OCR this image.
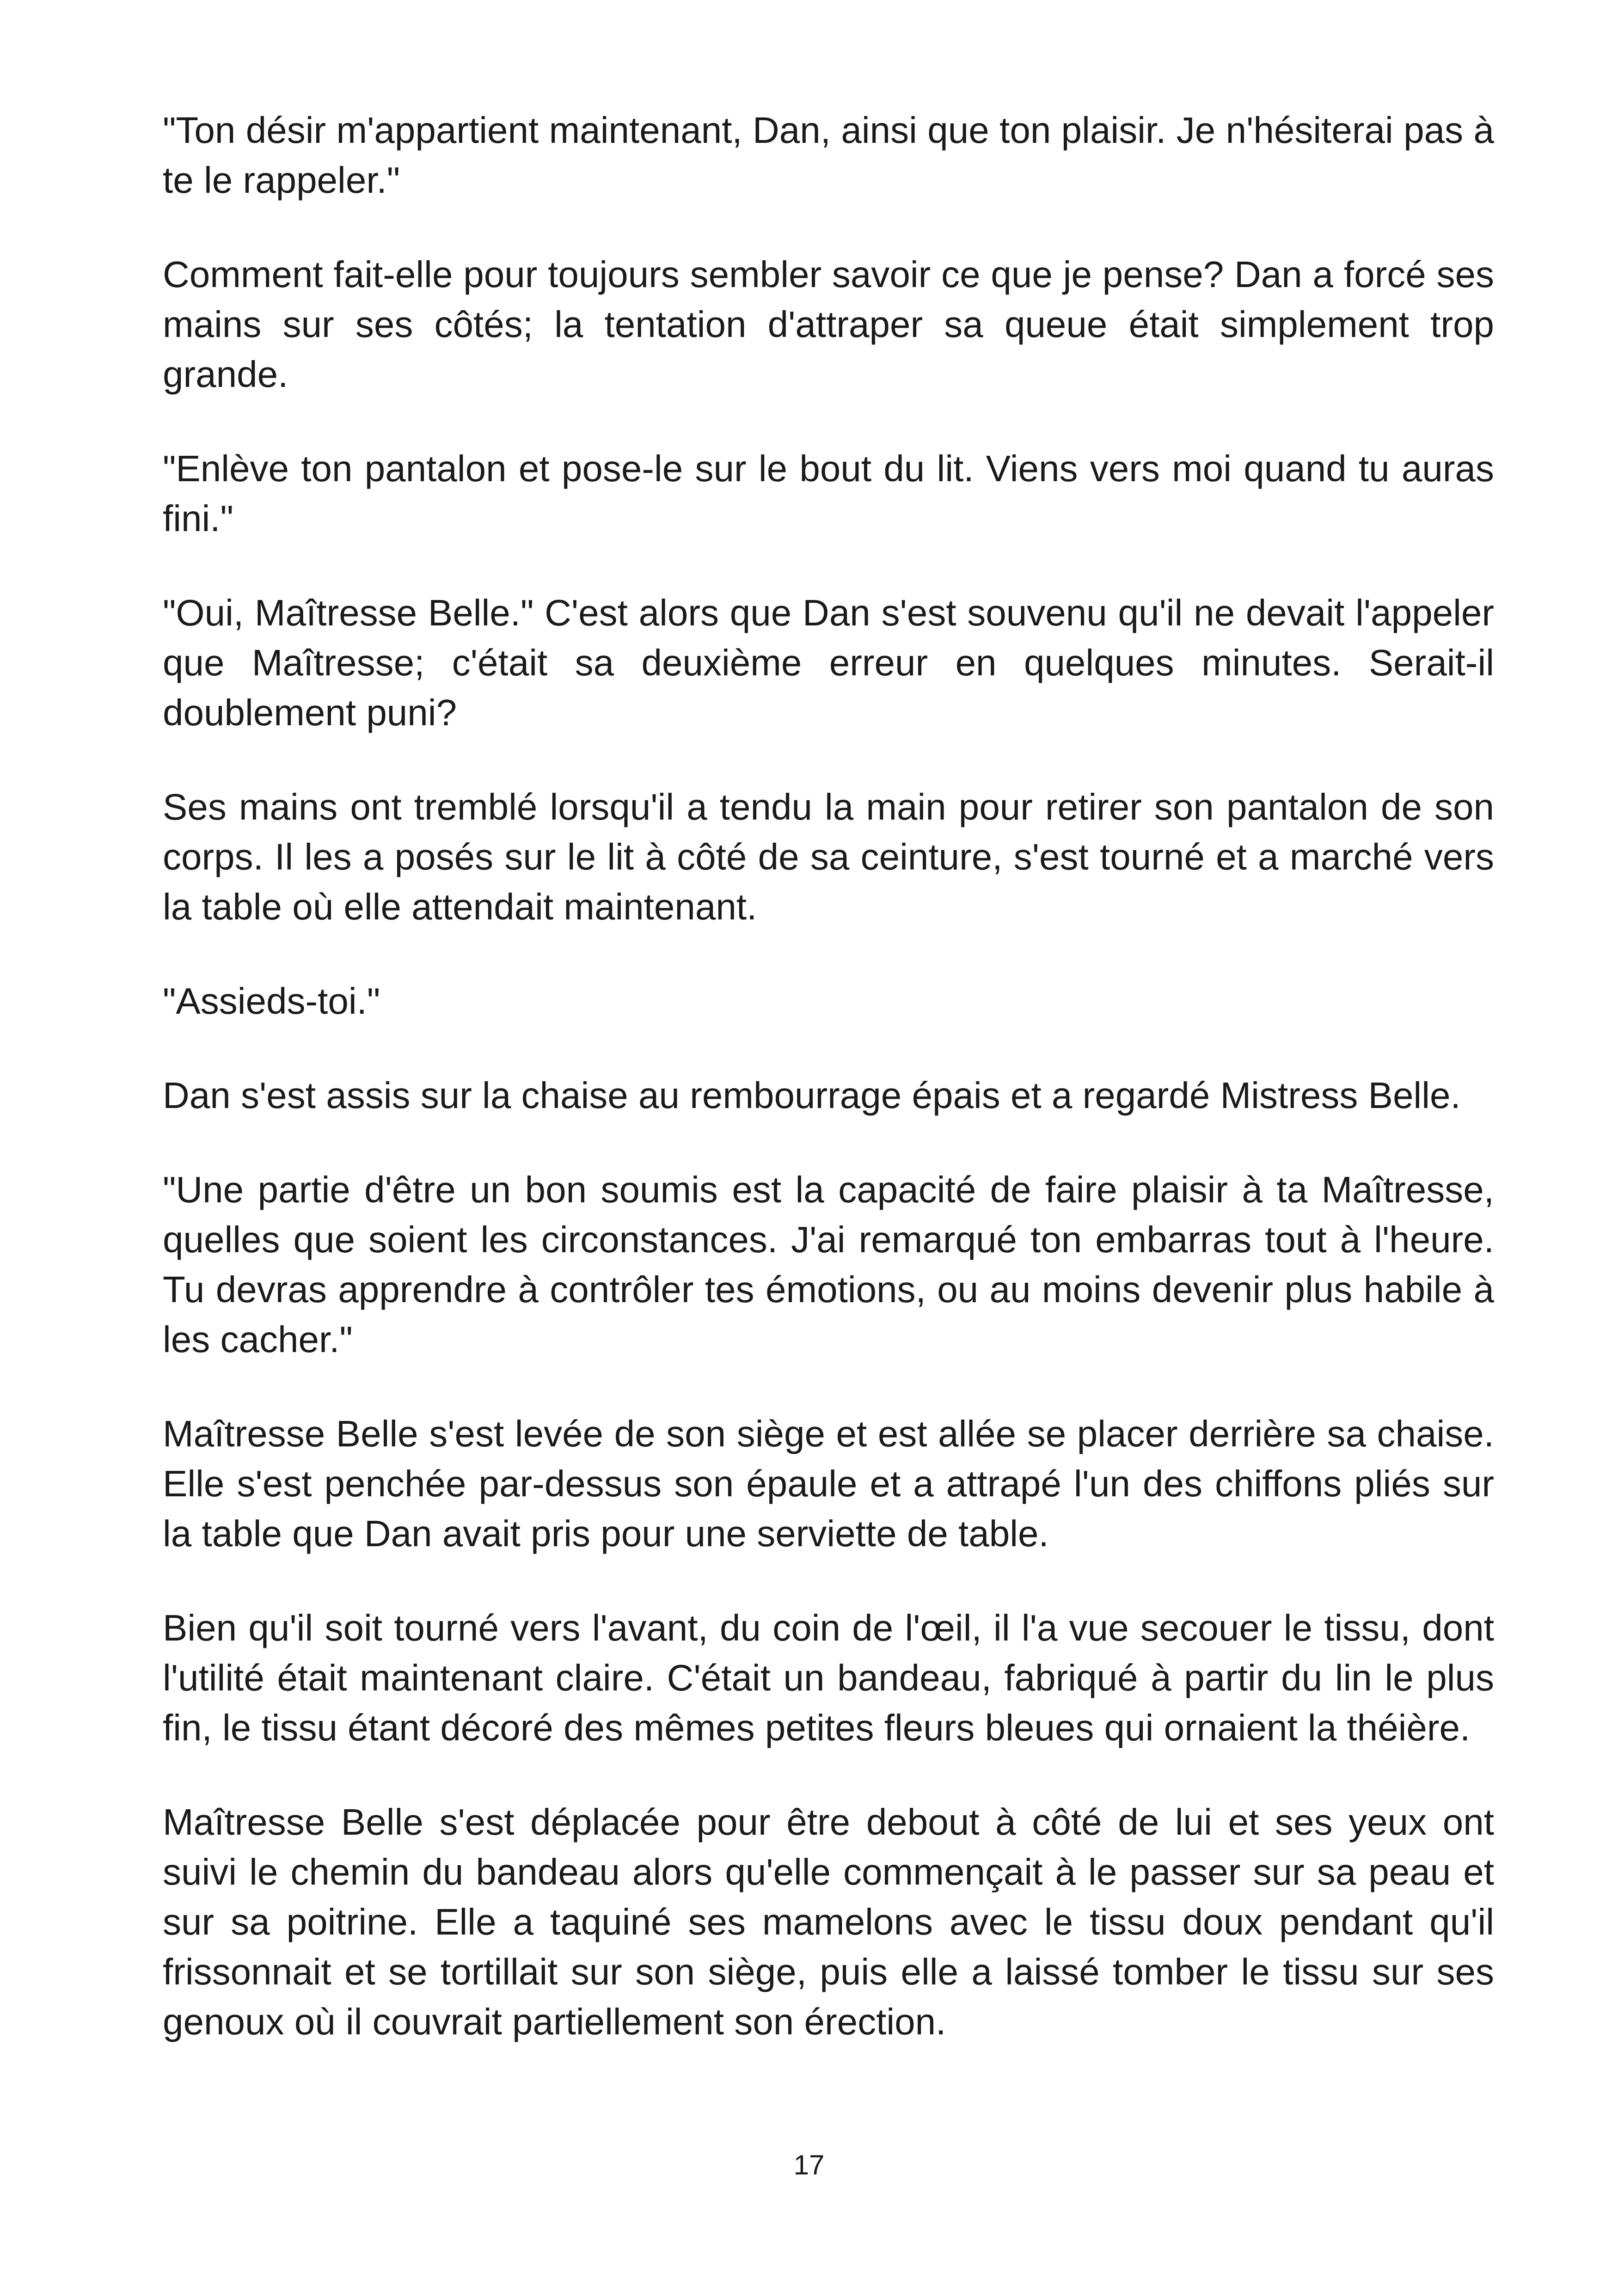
"Ton désir m'appartient maintenant, Dan, ainsi que ton plaisir. Je n'hésiterai pas à te le rappeler."

Comment fait-elle pour toujours sembler savoir ce que je pense? Dan a forcé ses mains sur ses côtés; la tentation d'attraper sa queue était simplement trop grande.

"Enlève ton pantalon et pose-le sur le bout du lit. Viens vers moi quand tu auras fini."

"Oui, Maîtresse Belle." C'est alors que Dan s'est souvenu qu'il ne devait l'appeler que Maîtresse; c'était sa deuxième erreur en quelques minutes. Serait-il doublement puni?

Ses mains ont tremblé lorsqu'il a tendu la main pour retirer son pantalon de son corps. Il les a posés sur le lit à côté de sa ceinture, s'est tourné et a marché vers la table où elle attendait maintenant.

"Assieds-toi."

Dan s'est assis sur la chaise au rembourrage épais et a regardé Mistress Belle.

"Une partie d'être un bon soumis est la capacité de faire plaisir à ta Maîtresse, quelles que soient les circonstances. J'ai remarqué ton embarras tout à l'heure. Tu devras apprendre à contrôler tes émotions, ou au moins devenir plus habile à les cacher."

Maîtresse Belle s'est levée de son siège et est allée se placer derrière sa chaise. Elle s'est penchée par-dessus son épaule et a attrapé l'un des chiffons pliés sur la table que Dan avait pris pour une serviette de table.

Bien qu'il soit tourné vers l'avant, du coin de l'œil, il l'a vue secouer le tissu, dont l'utilité était maintenant claire. C'était un bandeau, fabriqué à partir du lin le plus fin, le tissu étant décoré des mêmes petites fleurs bleues qui ornaient la théière.

Maîtresse Belle s'est déplacée pour être debout à côté de lui et ses yeux ont suivi le chemin du bandeau alors qu'elle commençait à le passer sur sa peau et sur sa poitrine. Elle a taquiné ses mamelons avec le tissu doux pendant qu'il frissonnait et se tortillait sur son siège, puis elle a laissé tomber le tissu sur ses genoux où il couvrait partiellement son érection.

17
